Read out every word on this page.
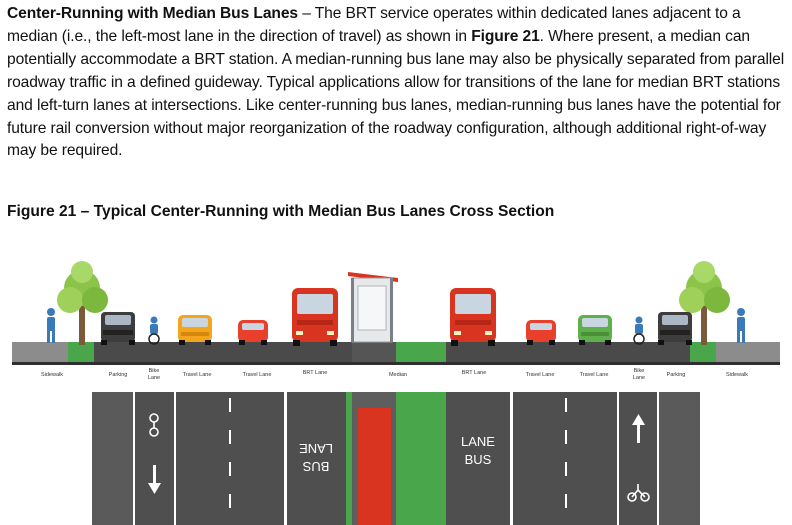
Center-Running with Median Bus Lanes – The BRT service operates within dedicated lanes adjacent to a median (i.e., the left-most lane in the direction of travel) as shown in Figure 21. Where present, a median can potentially accommodate a BRT station. A median-running bus lane may also be physically separated from parallel roadway traffic in a defined guideway. Typical applications allow for transitions of the lane for median BRT stations and left-turn lanes at intersections. Like center-running bus lanes, median-running bus lanes have the potential for future rail conversion without major reorganization of the roadway configuration, although additional right-of-way may be required.
Figure 21 – Typical Center-Running with Median Bus Lanes Cross Section
Sidewalk	Parking
Bike
Lane	Travel Lane	Travel Lane	BRT Lane	Median	BRT Lane	Travel Lane	Travel Lane
Bike
Lane	Parking	Sidewalk
BUS
LANE	LANE
BUS
